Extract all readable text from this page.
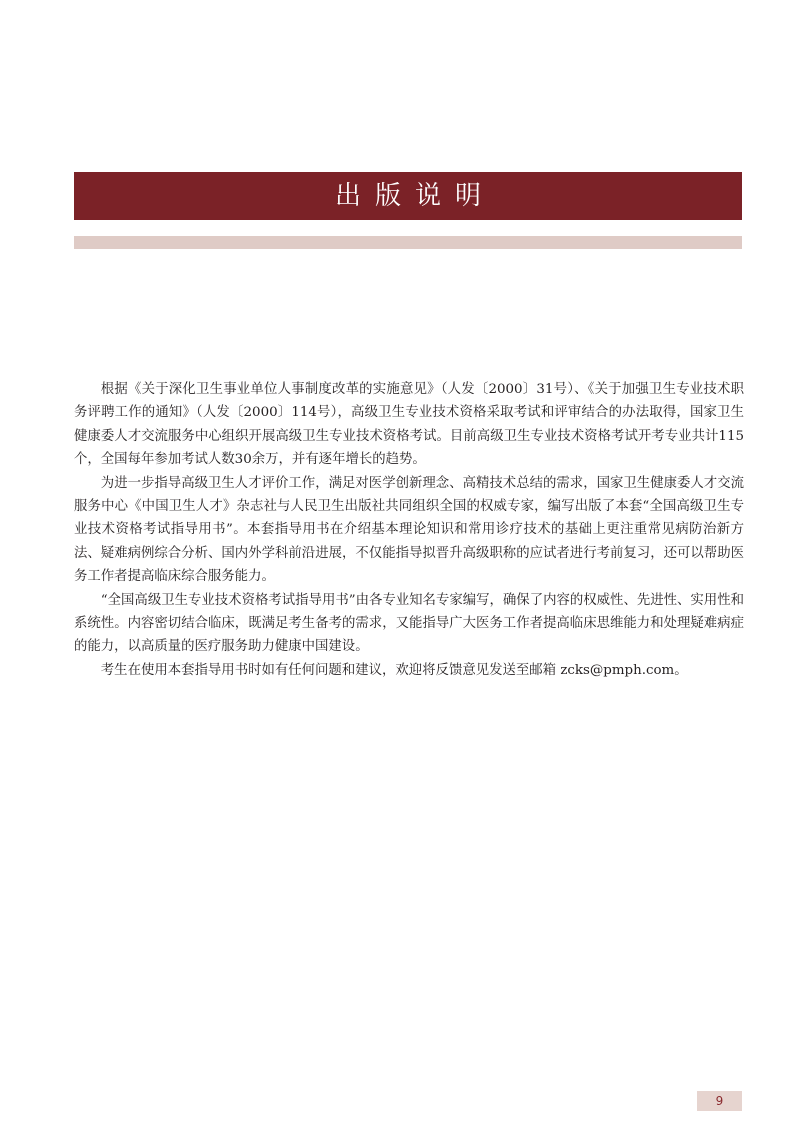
出版说明

根据《关于深化卫生事业单位人事制度改革的实施意见》（人发〔2000〕31号）、《关于加强卫生专业技术职务评聘工作的通知》（人发〔2000〕114号），高级卫生专业技术资格采取考试和评审结合的办法取得，国家卫生健康委人才交流服务中心组织开展高级卫生专业技术资格考试。目前高级卫生专业技术资格考试开考专业共计115个，全国每年参加考试人数30余万，并有逐年增长的趋势。

为进一步指导高级卫生人才评价工作，满足对医学创新理念、高精技术总结的需求，国家卫生健康委人才交流服务中心《中国卫生人才》杂志社与人民卫生出版社共同组织全国的权威专家，编写出版了本套“全国高级卫生专业技术资格考试指导用书”。本套指导用书在介绍基本理论知识和常用诊疗技术的基础上更注重常见病防治新方法、疑难病例综合分析、国内外学科前沿进展，不仅能指导拟晋升高级职称的应试者进行考前复习，还可以帮助医务工作者提高临床综合服务能力。

“全国高级卫生专业技术资格考试指导用书”由各专业知名专家编写，确保了内容的权威性、先进性、实用性和系统性。内容密切结合临床，既满足考生备考的需求，又能指导广大医务工作者提高临床思维能力和处理疑难病症的能力，以高质量的医疗服务助力健康中国建设。

考生在使用本套指导用书时如有任何问题和建议，欢迎将反馈意见发送至邮箱 zcks@pmph.com。

9
